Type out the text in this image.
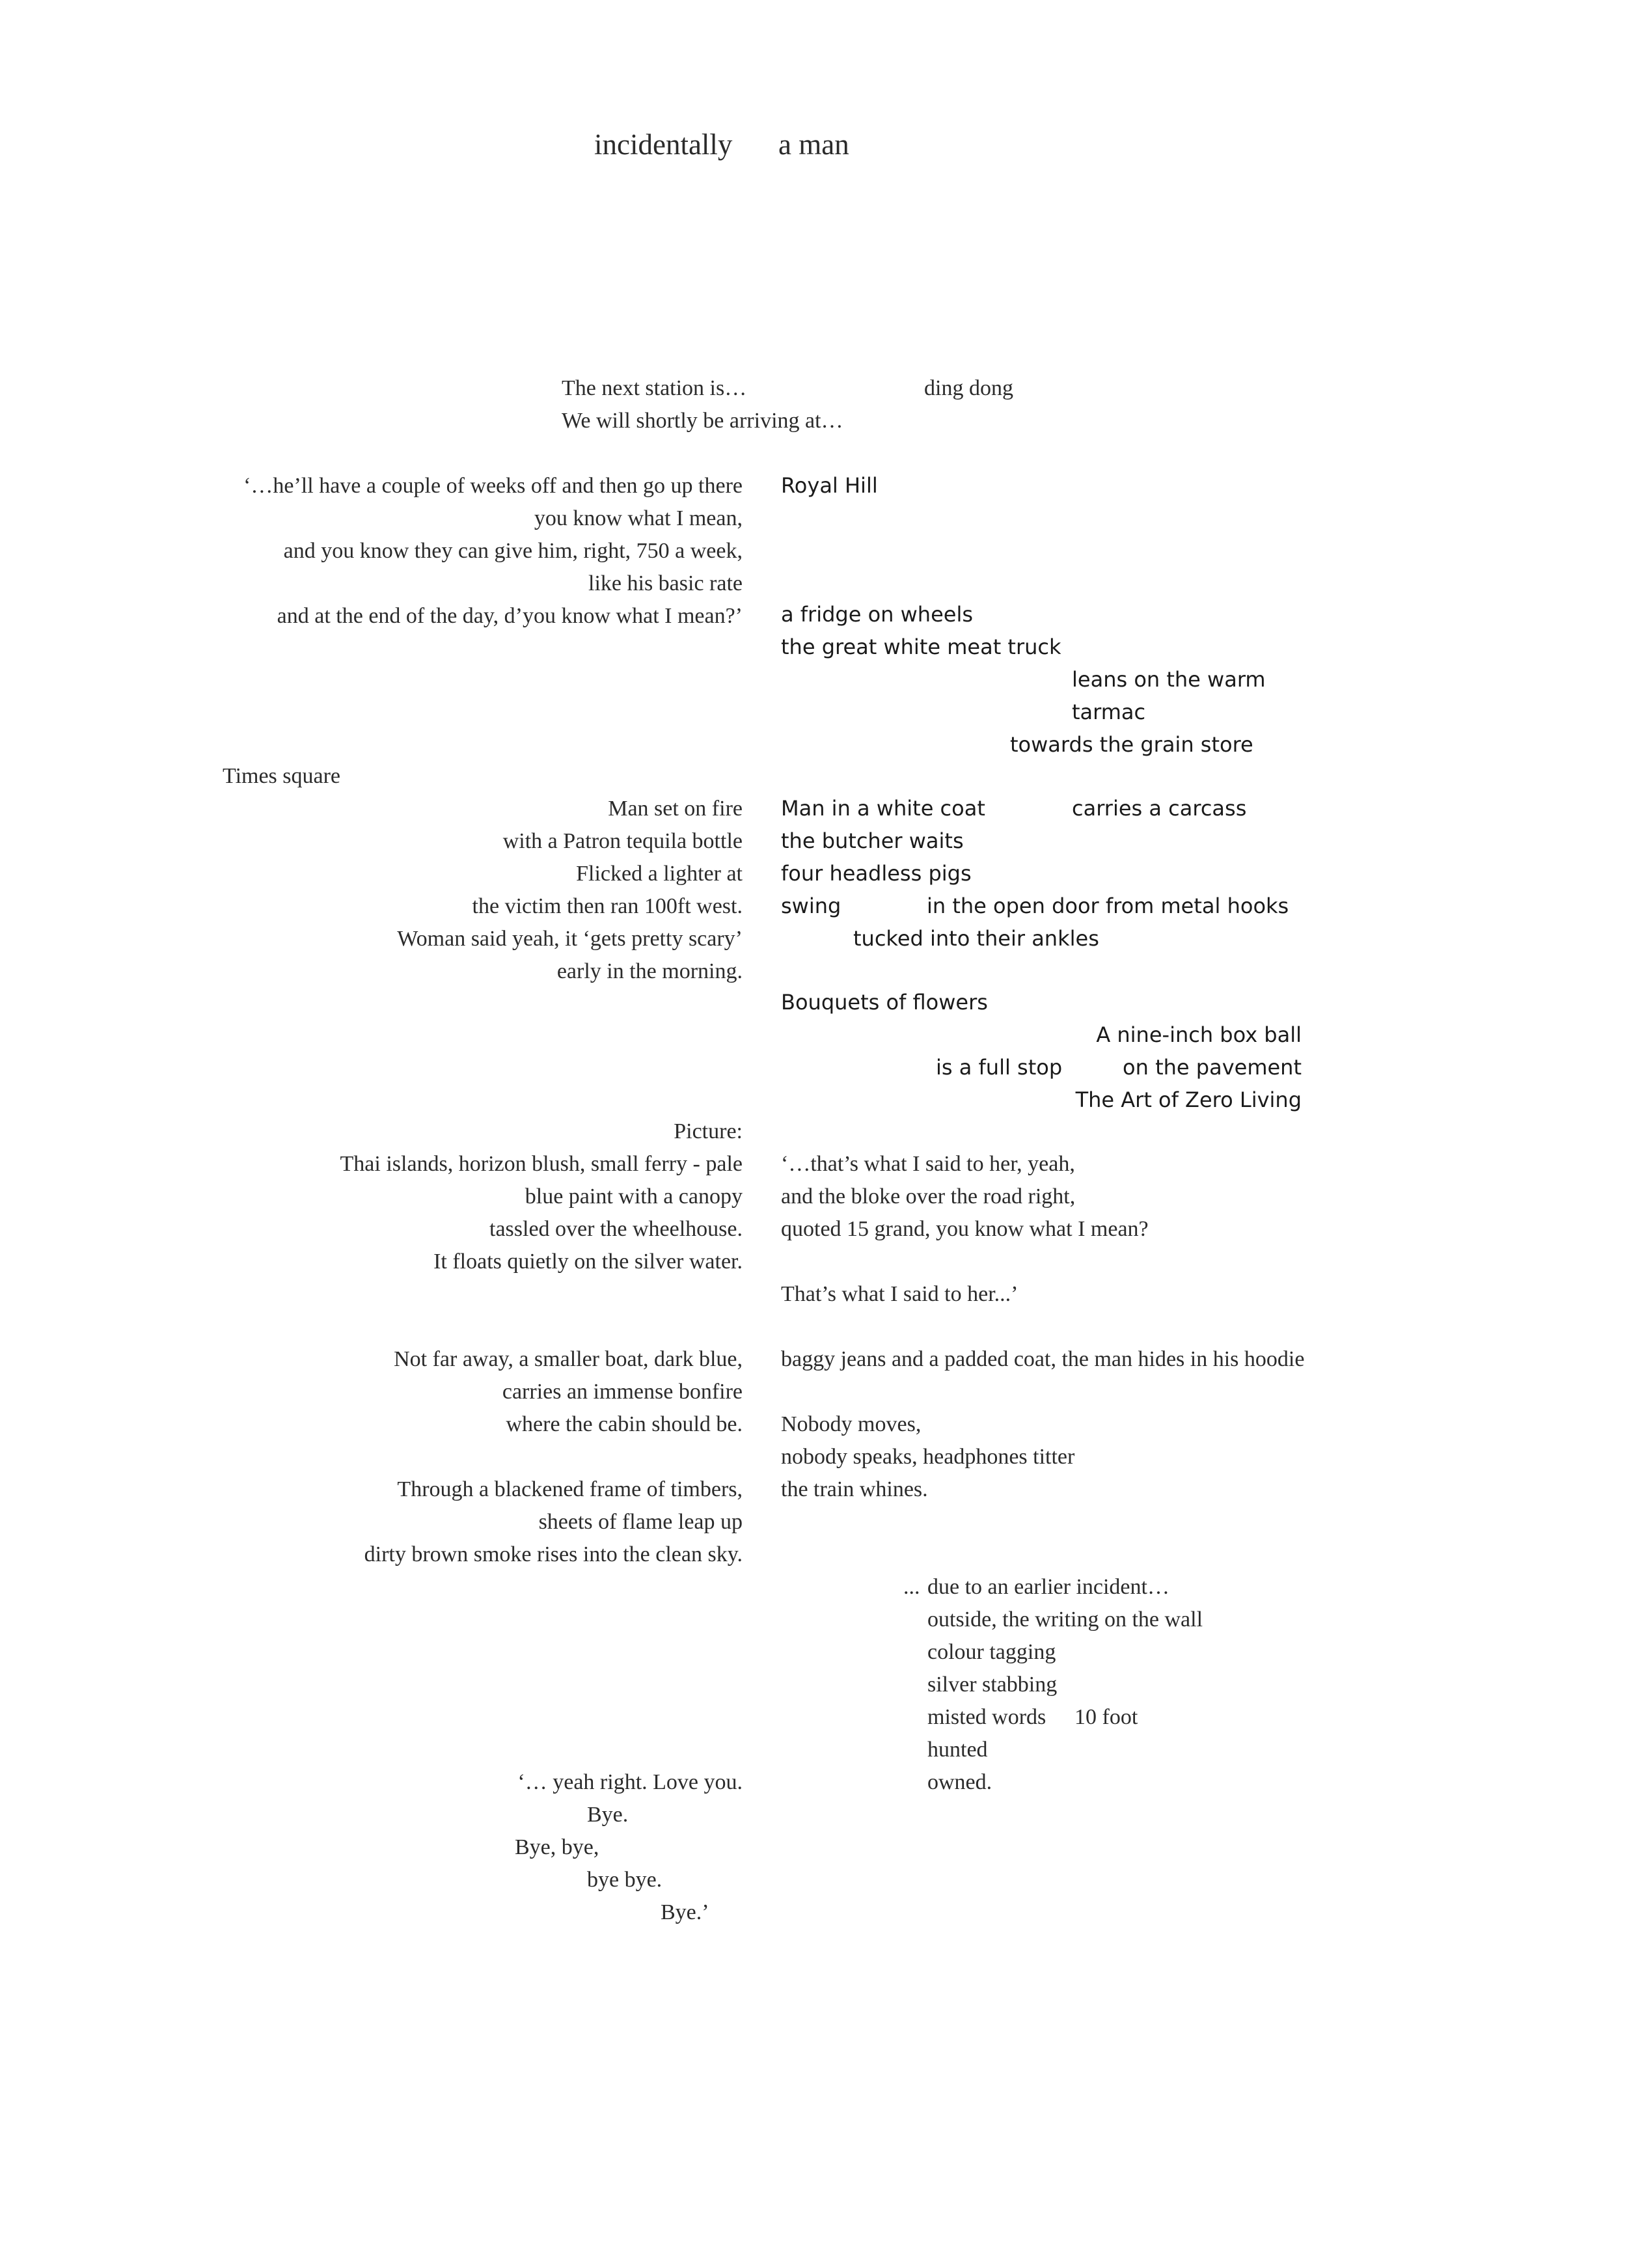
incidentally a man

The next station is…

We will shortly be arriving at…

ding dong

‘…he’ll have a couple of weeks off and then go up there

you know what I mean,

and you know they can give him, right, 750 a week,

like his basic rate

and at the end of the day, d’you know what I mean?’

Times square

Man set on fire

with a Patron tequila bottle

Flicked a lighter at

the victim then ran 100ft west.

Woman said yeah, it ‘gets pretty scary’

early in the morning.

Picture:

Thai islands, horizon blush, small ferry - pale

blue paint with a canopy

tassled over the wheelhouse.

It floats quietly on the silver water.

Not far away, a smaller boat, dark blue,

carries an immense bonfire

where the cabin should be.

Through a blackened frame of timbers,

sheets of flame leap up

dirty brown smoke rises into the clean sky.

‘… yeah right. Love you.

Bye.

Bye, bye,

bye bye.

Bye.’

Royal Hill

a fridge on wheels

the great white meat truck

leans on the warm

tarmac

towards the grain store

Man in a white coat	carries a carcass

the butcher waits

four headless pigs

swing	in the open door from metal hooks

tucked into their ankles

Bouquets of flowers

A nine-inch box ball

is a full stop	on the pavement

The Art of Zero Living

‘…that’s what I said to her, yeah,

and the bloke over the road right,

quoted 15 grand, you know what I mean?

That’s what I said to her...’

baggy jeans and a padded coat, the man hides in his hoodie

Nobody moves,

nobody speaks, headphones titter

the train whines.

... due to an earlier incident…

outside, the writing on the wall

colour tagging

silver stabbing

misted words 10 foot

hunted

owned.
